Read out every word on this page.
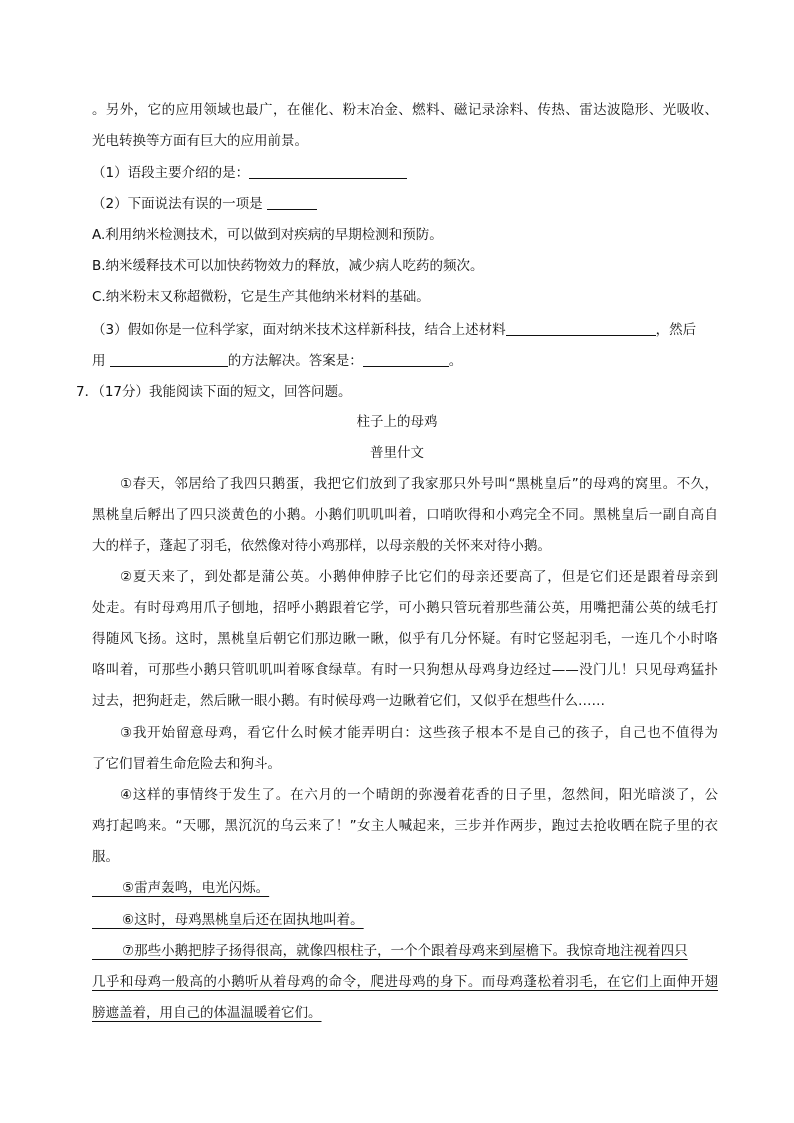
。另外，它的应用领域也最广，在催化、粉末冶金、燃料、磁记录涂料、传热、雷达波隐形、光吸收、
光电转换等方面有巨大的应用前景。
（1）语段主要介绍的是：
（2）下面说法有误的一项是
A.利用纳米检测技术，可以做到对疾病的早期检测和预防。
B.纳米缓释技术可以加快药物效力的释放，减少病人吃药的频次。
C.纳米粉末又称超微粉，它是生产其他纳米材料的基础。
（3）假如你是一位科学家，面对纳米技术这样新科技，结合上述材料	，然后
用	的方法解决。答案是：	。
7．（17分）我能阅读下面的短文，回答问题。
柱子上的母鸡
普里什文
①春天，邻居给了我四只鹅蛋，我把它们放到了我家那只外号叫“黑桃皇后”的母鸡的窝里。不久，
黑桃皇后孵出了四只淡黄色的小鹅。小鹅们叽叽叫着，口哨吹得和小鸡完全不同。黑桃皇后一副自高自
大的样子，蓬起了羽毛，依然像对待小鸡那样，以母亲般的关怀来对待小鹅。
②夏天来了，到处都是蒲公英。小鹅伸伸脖子比它们的母亲还要高了，但是它们还是跟着母亲到
处走。有时母鸡用爪子刨地，招呼小鹅跟着它学，可小鹅只管玩着那些蒲公英，用嘴把蒲公英的绒毛打
得随风飞扬。这时，黑桃皇后朝它们那边瞅一瞅，似乎有几分怀疑。有时它竖起羽毛，一连几个小时咯
咯叫着，可那些小鹅只管叽叽叫着啄食绿草。有时一只狗想从母鸡身边经过——没门儿！只见母鸡猛扑
过去，把狗赶走，然后瞅一眼小鹅。有时候母鸡一边瞅着它们，又似乎在想些什么……
③我开始留意母鸡，看它什么时候才能弄明白：这些孩子根本不是自己的孩子，自己也不值得为
了它们冒着生命危险去和狗斗。
④这样的事情终于发生了。在六月的一个晴朗的弥漫着花香的日子里，忽然间，阳光暗淡了，公
鸡打起鸣来。“天哪，黑沉沉的乌云来了！”女主人喊起来，三步并作两步，跑过去抢收晒在院子里的衣
服。
⑤雷声轰鸣，电光闪烁。
⑥这时，母鸡黑桃皇后还在固执地叫着。
⑦那些小鹅把脖子扬得很高，就像四根柱子，一个个跟着母鸡来到屋檐下。我惊奇地注视着四只
几乎和母鸡一般高的小鹅听从着母鸡的命令，爬进母鸡的身下。而母鸡蓬松着羽毛，在它们上面伸开翅
膀遮盖着，用自己的体温温暖着它们。
